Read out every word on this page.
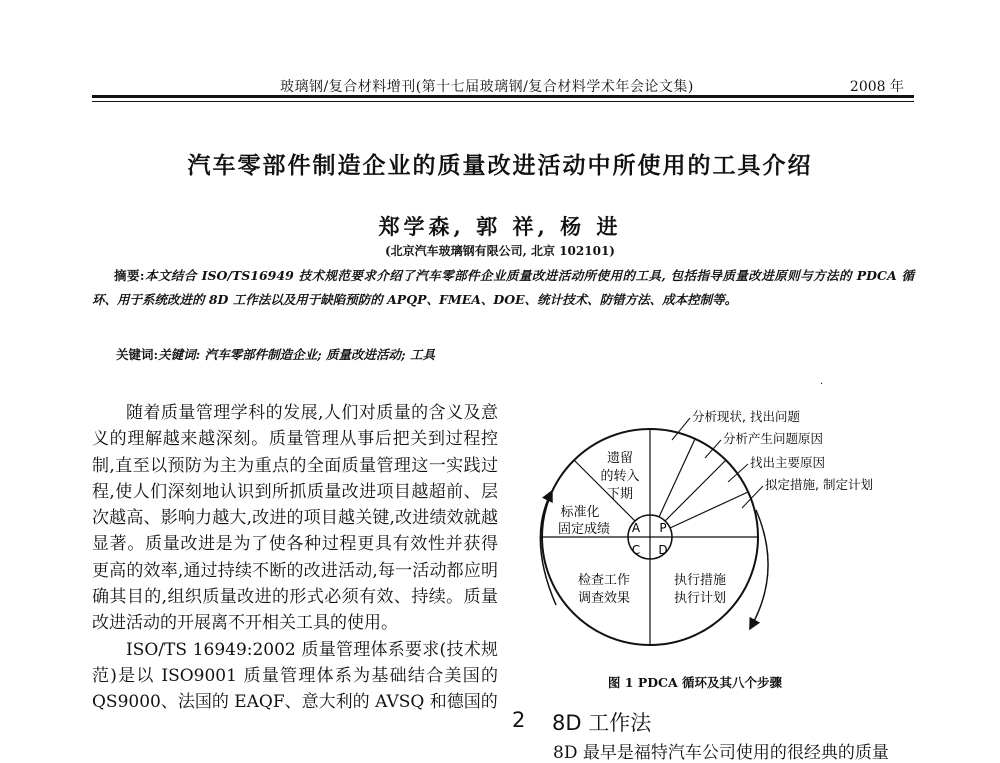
玻璃钢/复合材料增刊(第十七届玻璃钢/复合材料学术年会论文集)	2008 年
汽车零部件制造企业的质量改进活动中所使用的工具介绍
郑学森, 郭 祥, 杨 进
(北京汽车玻璃钢有限公司, 北京 102101)
摘要:本文结合 ISO/TS16949 技术规范要求介绍了汽车零部件企业质量改进活动所使用的工具, 包括指导质量改进原则与方法的 PDCA 循环、用于系统改进的 8D 工作法以及用于缺陷预防的 APQP、FMEA、DOE、统计技术、防错方法、成本控制等。
关键词:关键词: 汽车零部件制造企业; 质量改进活动; 工具
.

随着质量管理学科的发展,人们对质量的含义及意义的理解越来越深刻。质量管理从事后把关到过程控制,直至以预防为主为重点的全面质量管理这一实践过程,使人们深刻地认识到所抓质量改进项目越超前、层次越高、影响力越大,改进的项目越关键,改进绩效就越显著。质量改进是为了使各种过程更具有效性并获得更高的效率,通过持续不断的改进活动,每一活动都应明确其目的,组织质量改进的形式必须有效、持续。质量改进活动的开展离不开相关工具的使用。

ISO/TS 16949:2002 质量管理体系要求(技术规范)是以 ISO9001 质量管理体系为基础结合美国的 QS9000、法国的 EAQF、意大利的 AVSQ 和德国的

A P
C D
遗留
的转入
下期
标准化
固定成绩
检查工作
调查效果
执行措施
执行计划
分析现状, 找出问题
分析产生问题原因
找出主要原因
拟定措施, 制定计划
图 1 PDCA 循环及其八个步骤
2 8D 工作法
8D 最早是福特汽车公司使用的很经典的质量
